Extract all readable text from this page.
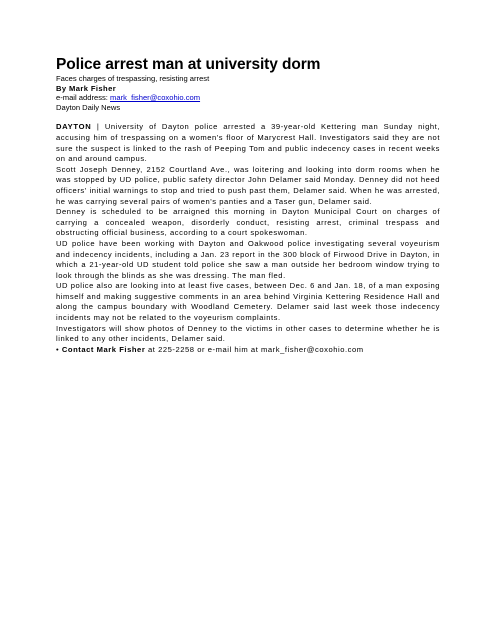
Police arrest man at university dorm
Faces charges of trespassing, resisting arrest
By Mark Fisher
e-mail address: mark_fisher@coxohio.com
Dayton Daily News

DAYTON | University of Dayton police arrested a 39-year-old Kettering man Sunday night, accusing him of trespassing on a women's floor of Marycrest Hall. Investigators said they are not sure the suspect is linked to the rash of Peeping Tom and public indecency cases in recent weeks on and around campus.

Scott Joseph Denney, 2152 Courtland Ave., was loitering and looking into dorm rooms when he was stopped by UD police, public safety director John Delamer said Monday. Denney did not heed officers' initial warnings to stop and tried to push past them, Delamer said. When he was arrested, he was carrying several pairs of women's panties and a Taser gun, Delamer said.

Denney is scheduled to be arraigned this morning in Dayton Municipal Court on charges of carrying a concealed weapon, disorderly conduct, resisting arrest, criminal trespass and obstructing official business, according to a court spokeswoman.

UD police have been working with Dayton and Oakwood police investigating several voyeurism and indecency incidents, including a Jan. 23 report in the 300 block of Firwood Drive in Dayton, in which a 21-year-old UD student told police she saw a man outside her bedroom window trying to look through the blinds as she was dressing. The man fled.

UD police also are looking into at least five cases, between Dec. 6 and Jan. 18, of a man exposing himself and making suggestive comments in an area behind Virginia Kettering Residence Hall and along the campus boundary with Woodland Cemetery. Delamer said last week those indecency incidents may not be related to the voyeurism complaints.

Investigators will show photos of Denney to the victims in other cases to determine whether he is linked to any other incidents, Delamer said.

• Contact Mark Fisher at 225-2258 or e-mail him at mark_fisher@coxohio.com
